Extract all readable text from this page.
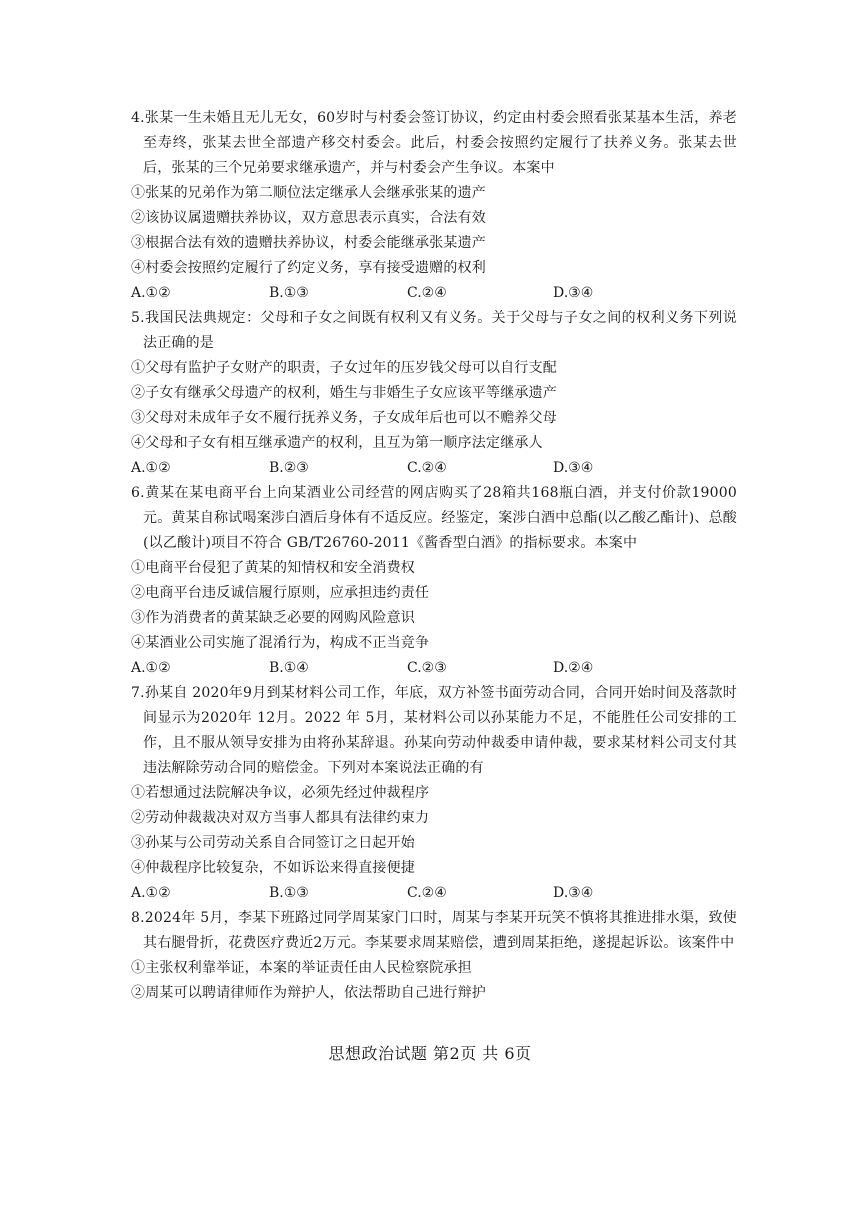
4.张某一生未婚且无儿无女，60岁时与村委会签订协议，约定由村委会照看张某基本生活，养老至寿终，张某去世全部遗产移交村委会。此后，村委会按照约定履行了扶养义务。张某去世后，张某的三个兄弟要求继承遗产，并与村委会产生争议。本案中

①张某的兄弟作为第二顺位法定继承人会继承张某的遗产

②该协议属遗赠扶养协议，双方意思表示真实，合法有效

③根据合法有效的遗赠扶养协议，村委会能继承张某遗产

④村委会按照约定履行了约定义务，享有接受遗赠的权利

A.①②	B.①③	C.②④	D.③④

5.我国民法典规定：父母和子女之间既有权利又有义务。关于父母与子女之间的权利义务下列说法正确的是

①父母有监护子女财产的职责，子女过年的压岁钱父母可以自行支配

②子女有继承父母遗产的权利，婚生与非婚生子女应该平等继承遗产

③父母对未成年子女不履行抚养义务，子女成年后也可以不赡养父母

④父母和子女有相互继承遗产的权利，且互为第一顺序法定继承人

A.①②	B.②③	C.②④	D.③④

6.黄某在某电商平台上向某酒业公司经营的网店购买了28箱共168瓶白酒，并支付价款19000元。黄某自称试喝案涉白酒后身体有不适反应。经鉴定，案涉白酒中总酯(以乙酸乙酯计)、总酸(以乙酸计)项目不符合 GB/T26760-2011《酱香型白酒》的指标要求。本案中

①电商平台侵犯了黄某的知情权和安全消费权

②电商平台违反诚信履行原则，应承担违约责任

③作为消费者的黄某缺乏必要的网购风险意识

④某酒业公司实施了混淆行为，构成不正当竞争

A.①②	B.①④	C.②③	D.②④

7.孙某自 2020年9月到某材料公司工作，年底，双方补签书面劳动合同，合同开始时间及落款时间显示为2020年 12月。2022 年 5月，某材料公司以孙某能力不足，不能胜任公司安排的工作，且不服从领导安排为由将孙某辞退。孙某向劳动仲裁委申请仲裁，要求某材料公司支付其违法解除劳动合同的赔偿金。下列对本案说法正确的有

①若想通过法院解决争议，必须先经过仲裁程序

②劳动仲裁裁决对双方当事人都具有法律约束力

③孙某与公司劳动关系自合同签订之日起开始

④仲裁程序比较复杂，不如诉讼来得直接便捷

A.①②	B.①③	C.②④	D.③④

8.2024年 5月，李某下班路过同学周某家门口时，周某与李某开玩笑不慎将其推进排水渠，致使其右腿骨折，花费医疗费近2万元。李某要求周某赔偿，遭到周某拒绝，遂提起诉讼。该案件中

①主张权利靠举证，本案的举证责任由人民检察院承担

②周某可以聘请律师作为辩护人，依法帮助自己进行辩护

思想政治试题 第2页 共 6页
